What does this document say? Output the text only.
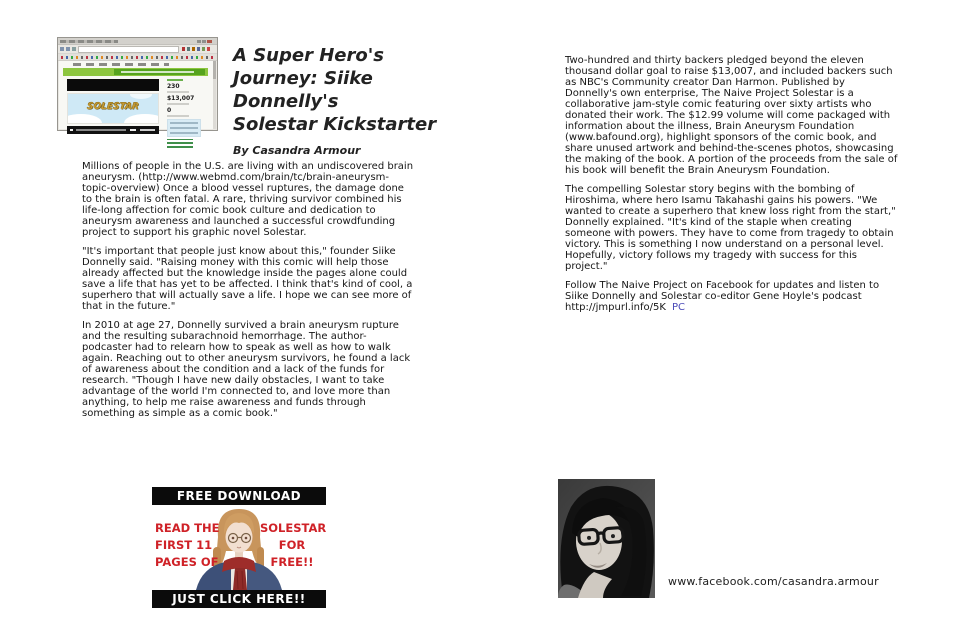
SOLESTAR
230
$13,007
0
A Super Hero's
Journey: Siike Donnelly's
Solestar Kickstarter
By Casandra Armour

Millions of people in the U.S. are living with an undiscovered brain aneurysm. (http://www.webmd.com/brain/tc/brain-aneurysm-topic-overview) Once a blood vessel ruptures, the damage done to the brain is often fatal. A rare, thriving survivor combined his life-long affection for comic book culture and dedication to aneurysm awareness and launched a successful crowdfunding project to support his graphic novel Solestar.

"It's important that people just know about this," founder Siike Donnelly said. "Raising money with this comic will help those already affected but the knowledge inside the pages alone could save a life that has yet to be affected. I think that's kind of cool, a superhero that will actually save a life. I hope we can see more of that in the future."

In 2010 at age 27, Donnelly survived a brain aneurysm rupture and the resulting subarachnoid hemorrhage. The author-podcaster had to relearn how to speak as well as how to walk again. Reaching out to other aneurysm survivors, he found a lack of awareness about the condition and a lack of the funds for research. "Though I have new daily obstacles, I want to take advantage of the world I'm connected to, and love more than anything, to help me raise awareness and funds through something as simple as a comic book."

Two-hundred and thirty backers pledged beyond the eleven thousand dollar goal to raise $13,007, and included backers such as NBC's Community creator Dan Harmon. Published by Donnelly's own enterprise, The Naive Project Solestar is a collaborative jam-style comic featuring over sixty artists who donated their work. The $12.99 volume will come packaged with information about the illness, Brain Aneurysm Foundation (www.bafound.org), highlight sponsors of the comic book, and share unused artwork and behind-the-scenes photos, showcasing the making of the book. A portion of the proceeds from the sale of his book will benefit the Brain Aneurysm Foundation.

The compelling Solestar story begins with the bombing of Hiroshima, where hero Isamu Takahashi gains his powers. "We wanted to create a superhero that knew loss right from the start," Donnelly explained. "It's kind of the staple when creating someone with powers. They have to come from tragedy to obtain victory. This is something I now understand on a personal level. Hopefully, victory follows my tragedy with success for this project."

Follow The Naive Project on Facebook for updates and listen to Siike Donnelly and Solestar co-editor Gene Hoyle's podcast http://jmpurl.info/5K PC

FREE DOWNLOAD
READ THE
FIRST 11
PAGES OF
SOLESTAR
FOR
FREE!!
JUST CLICK HERE!!
www.facebook.com/casandra.armour
